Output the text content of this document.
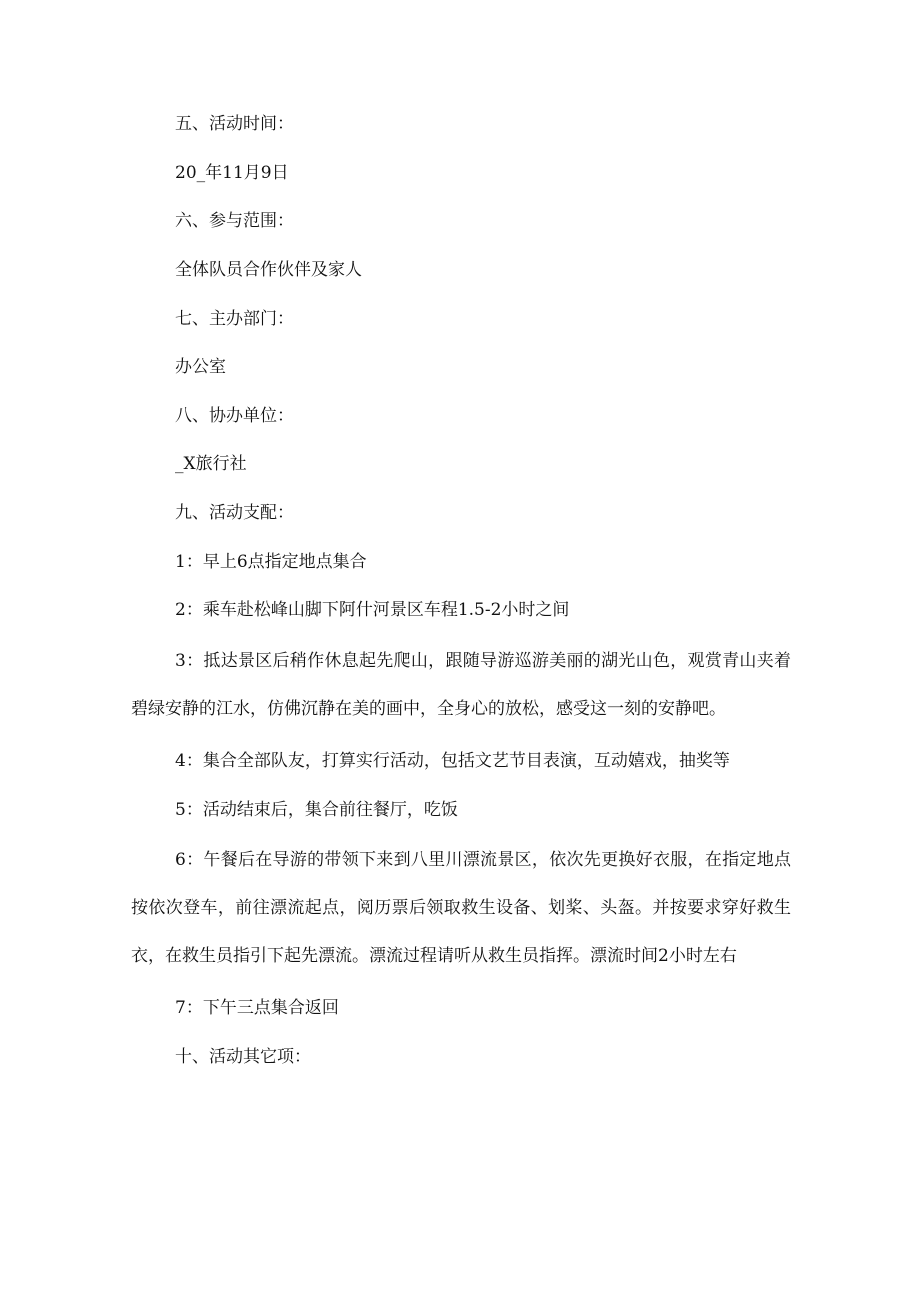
五、活动时间：

20_年11月9日

六、参与范围：

全体队员合作伙伴及家人

七、主办部门：

办公室

八、协办单位：

_X旅行社

九、活动支配：

1：早上6点指定地点集合

2：乘车赴松峰山脚下阿什河景区车程1.5-2小时之间

3：抵达景区后稍作休息起先爬山，跟随导游巡游美丽的湖光山色，观赏青山夹着碧绿安静的江水，仿佛沉静在美的画中，全身心的放松，感受这一刻的安静吧。

4：集合全部队友，打算实行活动，包括文艺节目表演，互动嬉戏，抽奖等

5：活动结束后，集合前往餐厅，吃饭

6：午餐后在导游的带领下来到八里川漂流景区，依次先更换好衣服，在指定地点按依次登车，前往漂流起点，阅历票后领取救生设备、划桨、头盔。并按要求穿好救生衣，在救生员指引下起先漂流。漂流过程请听从救生员指挥。漂流时间2小时左右

7：下午三点集合返回

十、活动其它项：
